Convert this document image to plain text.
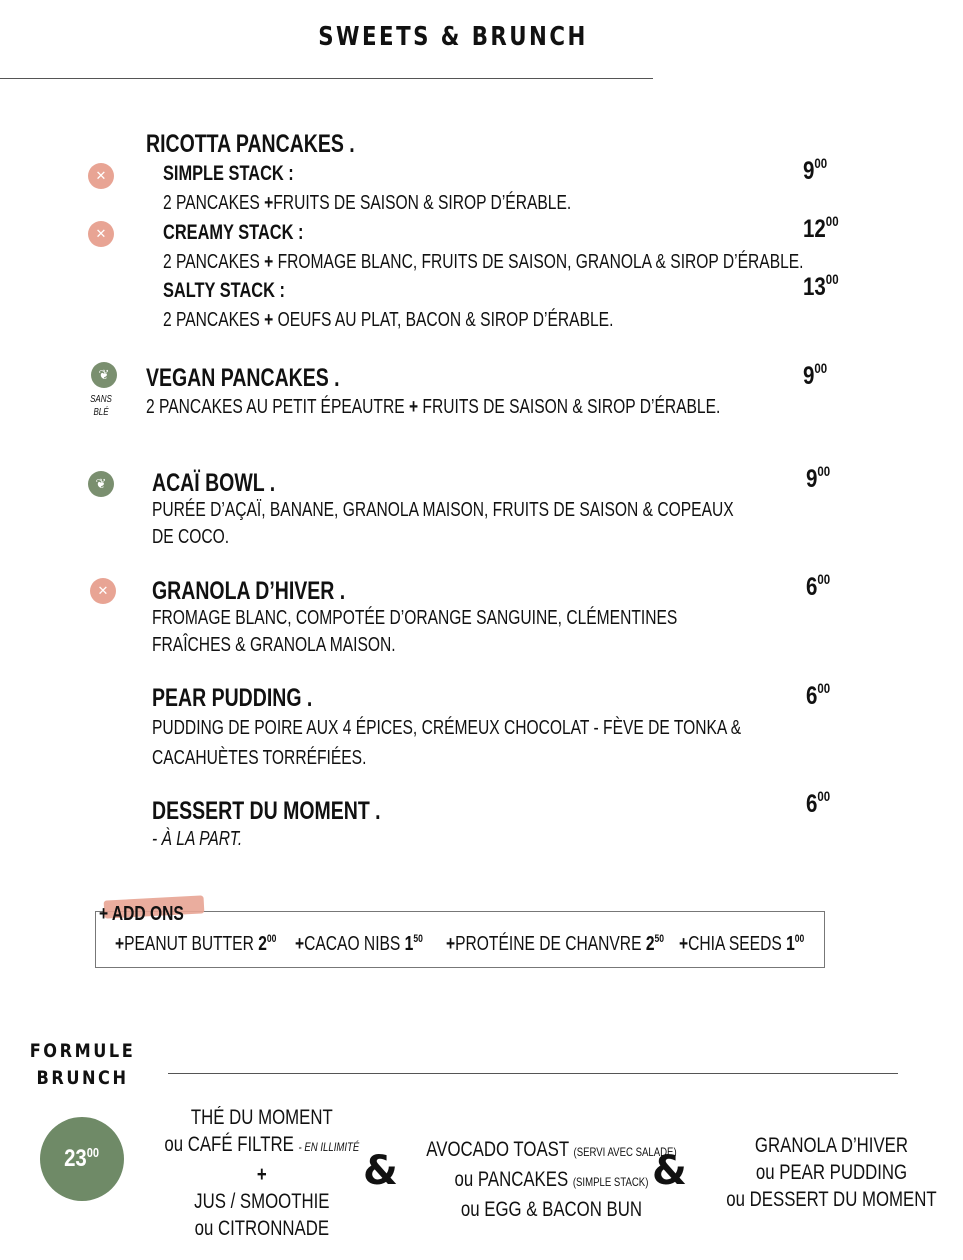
SWEETS & BRUNCH
RICOTTA PANCAKES .
✕	SIMPLE STACK :
2 PANCAKES +FRUITS DE SAISON & SIROP D’ÉRABLE.
$9^{00}$
✕	CREAMY STACK :
2 PANCAKES + FROMAGE BLANC, FRUITS DE SAISON, GRANOLA & SIROP D’ÉRABLE.
$12^{00}$
SALTY STACK :
2 PANCAKES + OEUFS AU PLAT, BACON & SIROP D’ÉRABLE.
$13^{00}$
❦
SANS
BLÉ
VEGAN PANCAKES .
2 PANCAKES AU PETIT ÉPEAUTRE + FRUITS DE SAISON & SIROP D’ÉRABLE.
$9^{00}$
❦ ACAÏ BOWL .
PURÉE D’AÇAÏ, BANANE, GRANOLA MAISON, FRUITS DE SAISON & COPEAUX
DE COCO.
$9^{00}$
✕ GRANOLA D’HIVER .
FROMAGE BLANC, COMPOTÉE D’ORANGE SANGUINE, CLÉMENTINES
FRAÎCHES & GRANOLA MAISON.
$6^{00}$
PEAR PUDDING .
PUDDING DE POIRE AUX 4 ÉPICES, CRÉMEUX CHOCOLAT - FÈVE DE TONKA &
CACAHUÈTES TORRÉFIÉES.
$6^{00}$
DESSERT DU MOMENT .
- À LA PART.
$6^{00}$
+ ADD ONS
+PEANUT BUTTER $2^{00}$ +CACAO NIBS $1^{50}$ +PROTÉINE DE CHANVRE $2^{50}$ +CHIA SEEDS $1^{00}$
FORMULE
BRUNCH
$23^{00}$
THÉ DU MOMENT
ou CAFÉ FILTRE - EN ILLIMITÉ
+
JUS / SMOOTHIE
ou CITRONNADE
& AVOCADO TOAST (SERVI AVEC SALADE)
ou PANCAKES (SIMPLE STACK)
ou EGG & BACON BUN
&
GRANOLA D’HIVER
ou PEAR PUDDING
ou DESSERT DU MOMENT
